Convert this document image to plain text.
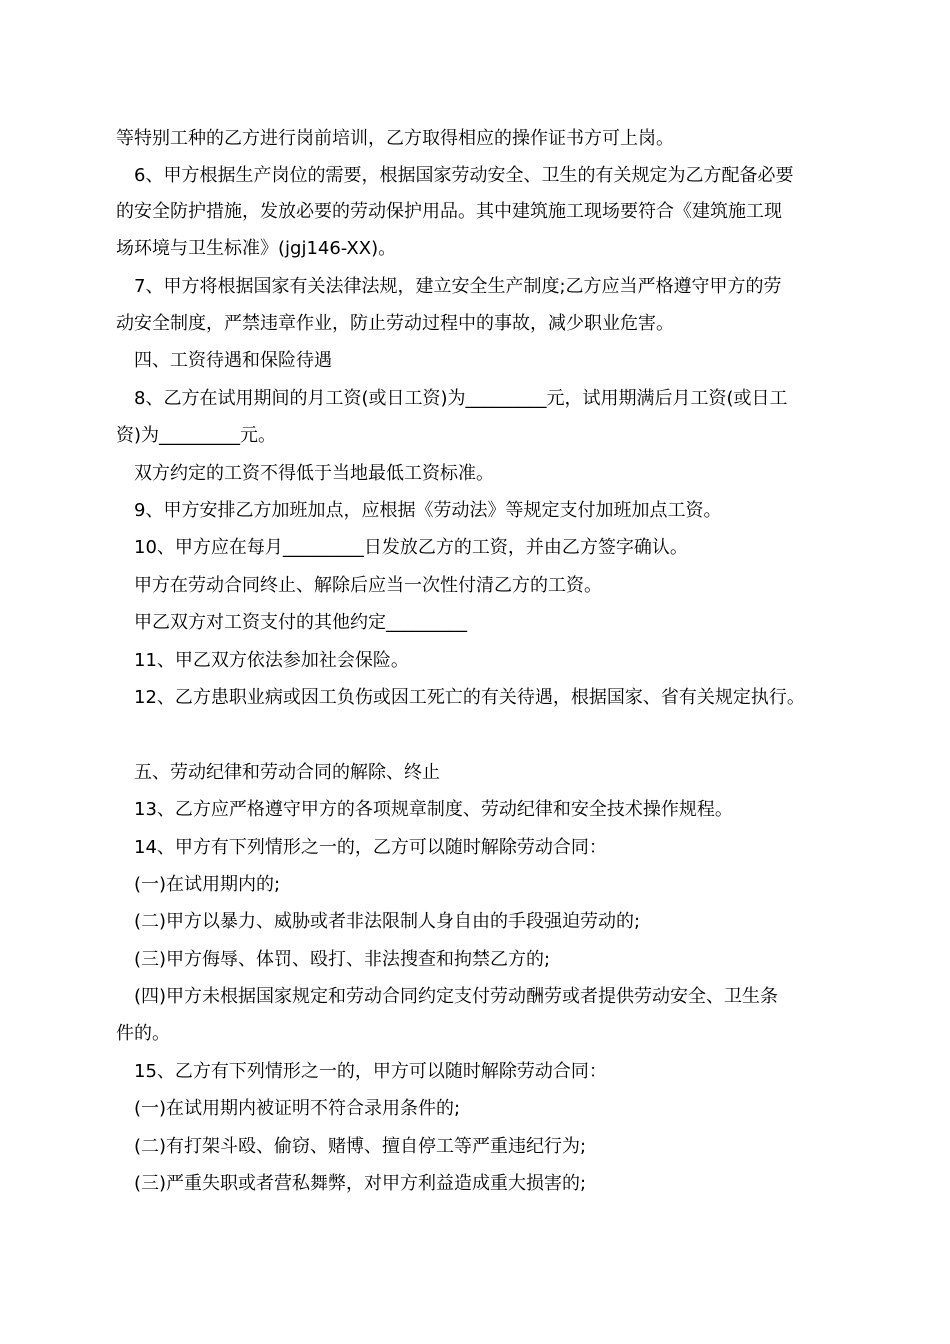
等特别工种的乙方进行岗前培训，乙方取得相应的操作证书方可上岗。
6、甲方根据生产岗位的需要，根据国家劳动安全、卫生的有关规定为乙方配备必要
的安全防护措施，发放必要的劳动保护用品。其中建筑施工现场要符合《建筑施工现
场环境与卫生标准》(jgj146-XX)。
7、甲方将根据国家有关法律法规，建立安全生产制度;乙方应当严格遵守甲方的劳
动安全制度，严禁违章作业，防止劳动过程中的事故，减少职业危害。
四、工资待遇和保险待遇
8、乙方在试用期间的月工资(或日工资)为_________元，试用期满后月工资(或日工
资)为_________元。
双方约定的工资不得低于当地最低工资标准。
9、甲方安排乙方加班加点，应根据《劳动法》等规定支付加班加点工资。
10、甲方应在每月_________日发放乙方的工资，并由乙方签字确认。
甲方在劳动合同终止、解除后应当一次性付清乙方的工资。
甲乙双方对工资支付的其他约定_________
11、甲乙双方依法参加社会保险。
12、乙方患职业病或因工负伤或因工死亡的有关待遇，根据国家、省有关规定执行。
五、劳动纪律和劳动合同的解除、终止
13、乙方应严格遵守甲方的各项规章制度、劳动纪律和安全技术操作规程。
14、甲方有下列情形之一的，乙方可以随时解除劳动合同：
(一)在试用期内的;
(二)甲方以暴力、威胁或者非法限制人身自由的手段强迫劳动的;
(三)甲方侮辱、体罚、殴打、非法搜查和拘禁乙方的;
(四)甲方未根据国家规定和劳动合同约定支付劳动酬劳或者提供劳动安全、卫生条
件的。
15、乙方有下列情形之一的，甲方可以随时解除劳动合同：
(一)在试用期内被证明不符合录用条件的;
(二)有打架斗殴、偷窃、赌博、擅自停工等严重违纪行为;
(三)严重失职或者营私舞弊，对甲方利益造成重大损害的;
